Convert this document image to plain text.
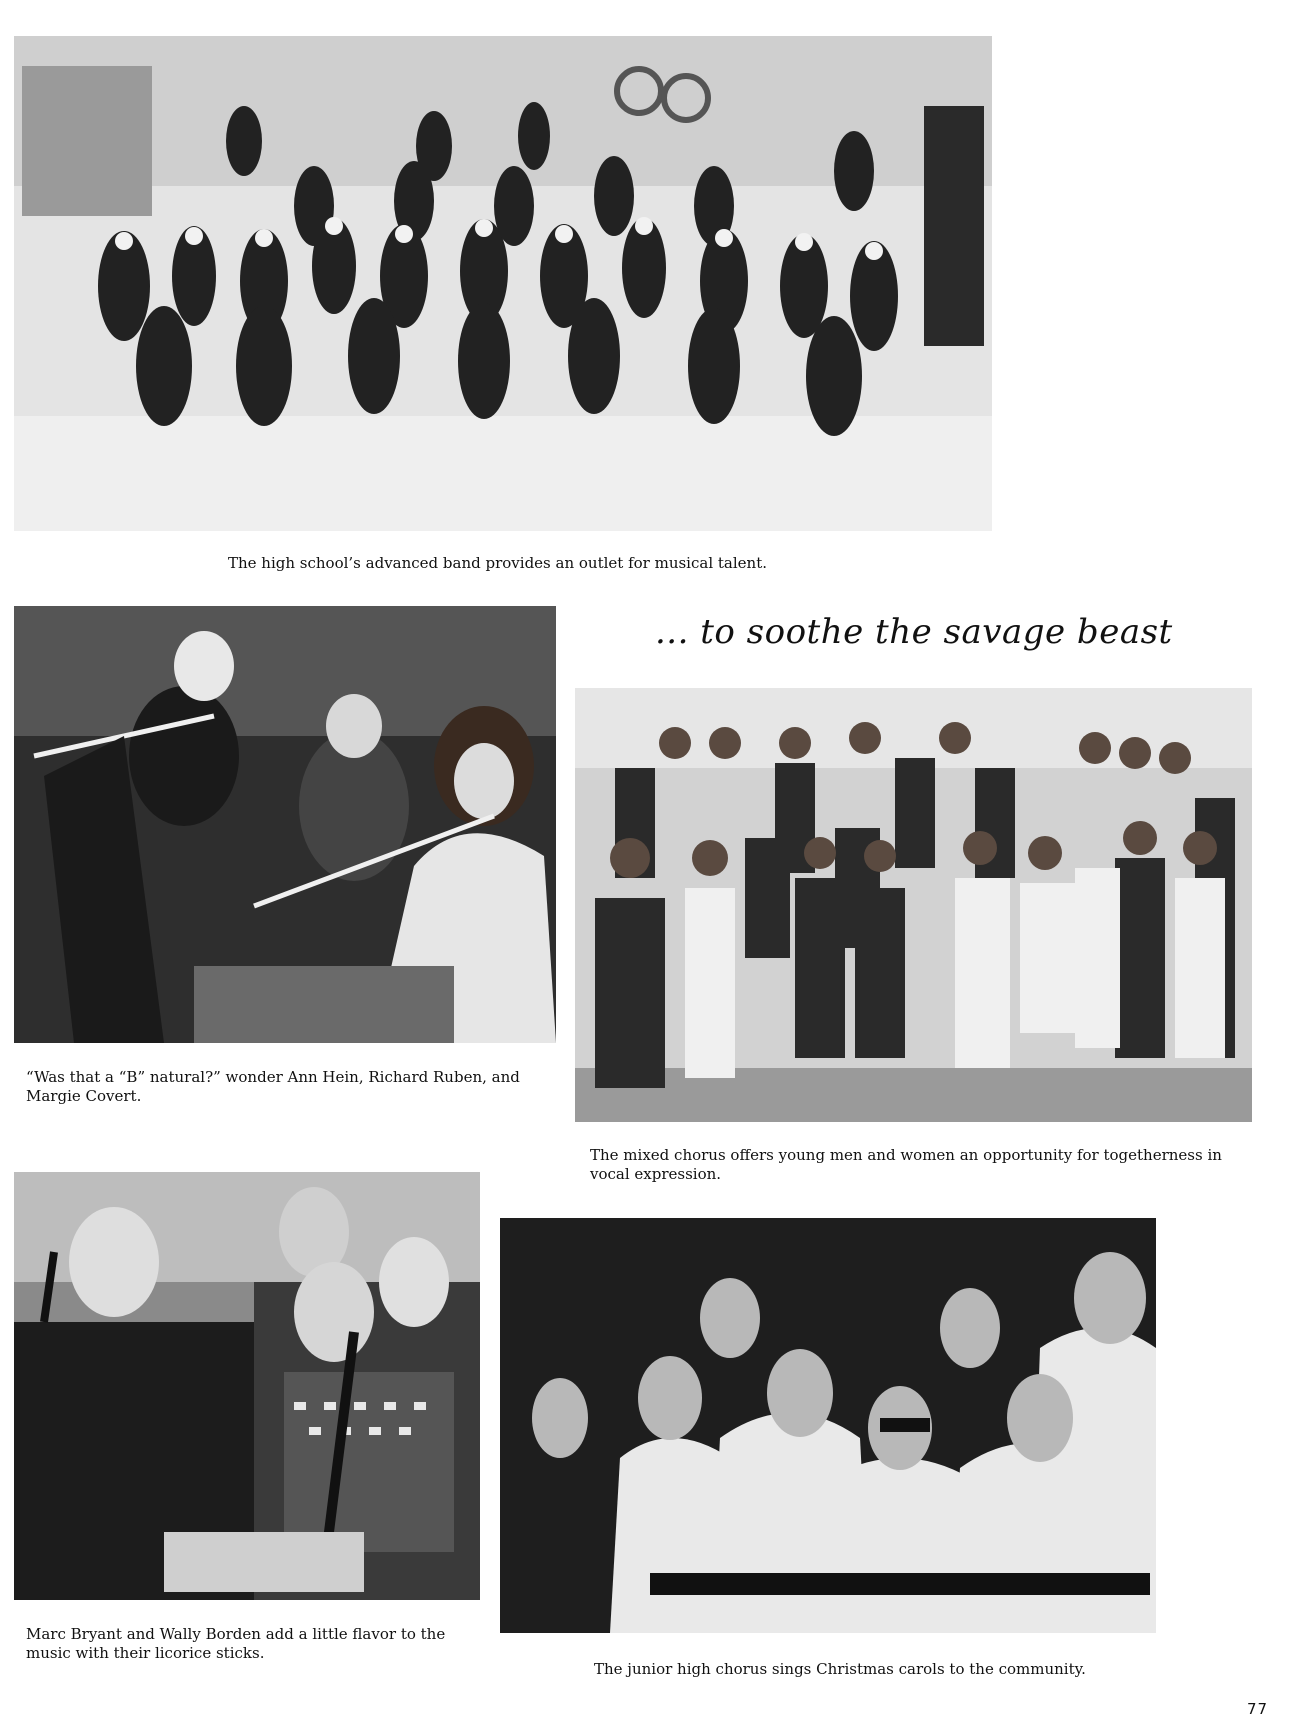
The high school’s advanced band provides an outlet for musical talent.
“Was that a “B” natural?” wonder Ann Hein, Richard Ruben, and Margie Covert.
... to soothe the savage beast
The mixed chorus offers young men and women an opportunity for togetherness in vocal expression.
Marc Bryant and Wally Borden add a little flavor to the music with their licorice sticks.
The junior high chorus sings Christmas carols to the community.
77
